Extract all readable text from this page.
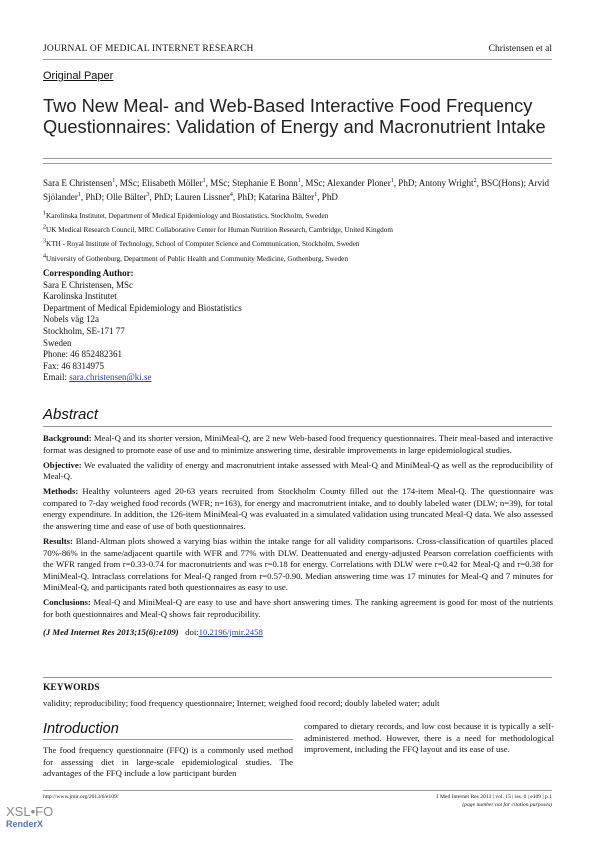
JOURNAL OF MEDICAL INTERNET RESEARCH	Christensen et al
Original Paper
Two New Meal- and Web-Based Interactive Food Frequency Questionnaires: Validation of Energy and Macronutrient Intake
Sara E Christensen$^1$, MSc; Elisabeth Möller$^1$, MSc; Stephanie E Bonn$^1$, MSc; Alexander Ploner$^1$, PhD; Antony Wright$^2$, BSC(Hons); Arvid Sjölander$^1$, PhD; Olle Bälter$^3$, PhD; Lauren Lissner$^4$, PhD; Katarina Bälter$^1$, PhD
$^1$Karolinska Institutet, Department of Medical Epidemiology and Biostatistics, Stockholm, Sweden
$^2$UK Medical Research Council, MRC Collaborative Center for Human Nutrition Research, Cambridge, United Kingdom
$^3$KTH - Royal Institute of Technology, School of Computer Science and Communication, Stockholm, Sweden
$^4$University of Gothenburg, Department of Public Health and Community Medicine, Gothenburg, Sweden
Corresponding Author:
Sara E Christensen, MSc
Karolinska Institutet
Department of Medical Epidemiology and Biostatistics
Nobels väg 12a
Stockholm, SE-171 77
Sweden
Phone: 46 852482361
Fax: 46 8314975
Email: sara.christensen@ki.se
Abstract

Background: Meal-Q and its shorter version, MiniMeal-Q, are 2 new Web-based food frequency questionnaires. Their meal-based and interactive format was designed to promote ease of use and to minimize answering time, desirable improvements in large epidemiological studies.

Objective: We evaluated the validity of energy and macronutrient intake assessed with Meal-Q and MiniMeal-Q as well as the reproducibility of Meal-Q.

Methods: Healthy volunteers aged 20-63 years recruited from Stockholm County filled out the 174-item Meal-Q. The questionnaire was compared to 7-day weighed food records (WFR; n=163), for energy and macronutrient intake, and to doubly labeled water (DLW; n=39), for total energy expenditure. In addition, the 126-item MiniMeal-Q was evaluated in a simulated validation using truncated Meal-Q data. We also assessed the answering time and ease of use of both questionnaires.

Results: Bland-Altman plots showed a varying bias within the intake range for all validity comparisons. Cross-classification of quartiles placed 70%-86% in the same/adjacent quartile with WFR and 77% with DLW. Deattenuated and energy-adjusted Pearson correlation coefficients with the WFR ranged from r=0.33-0.74 for macronutrients and was r=0.18 for energy. Correlations with DLW were r=0.42 for Meal-Q and r=0.38 for MiniMeal-Q. Intraclass correlations for Meal-Q ranged from r=0.57-0.90. Median answering time was 17 minutes for Meal-Q and 7 minutes for MiniMeal-Q, and participants rated both questionnaires as easy to use.

Conclusions: Meal-Q and MiniMeal-Q are easy to use and have short answering times. The ranking agreement is good for most of the nutrients for both questionnaires and Meal-Q shows fair reproducibility.

(J Med Internet Res 2013;15(6):e109) doi:10.2196/jmir.2458

KEYWORDS
validity; reproducibility; food frequency questionnaire; Internet; weighed food record; doubly labeled water; adult
Introduction
The food frequency questionnaire (FFQ) is a commonly used method for assessing diet in large-scale epidemiological studies. The advantages of the FFQ include a low participant burden
compared to dietary records, and low cost because it is typically a self-administered method. However, there is a need for methodological improvement, including the FFQ layout and its ease of use.
http://www.jmir.org/2013/6/e109/	J Med Internet Res 2013 | vol. 15 | iss. 6 | e109 | p.1
(page number not for citation purposes)
XSL•FO
RenderX
